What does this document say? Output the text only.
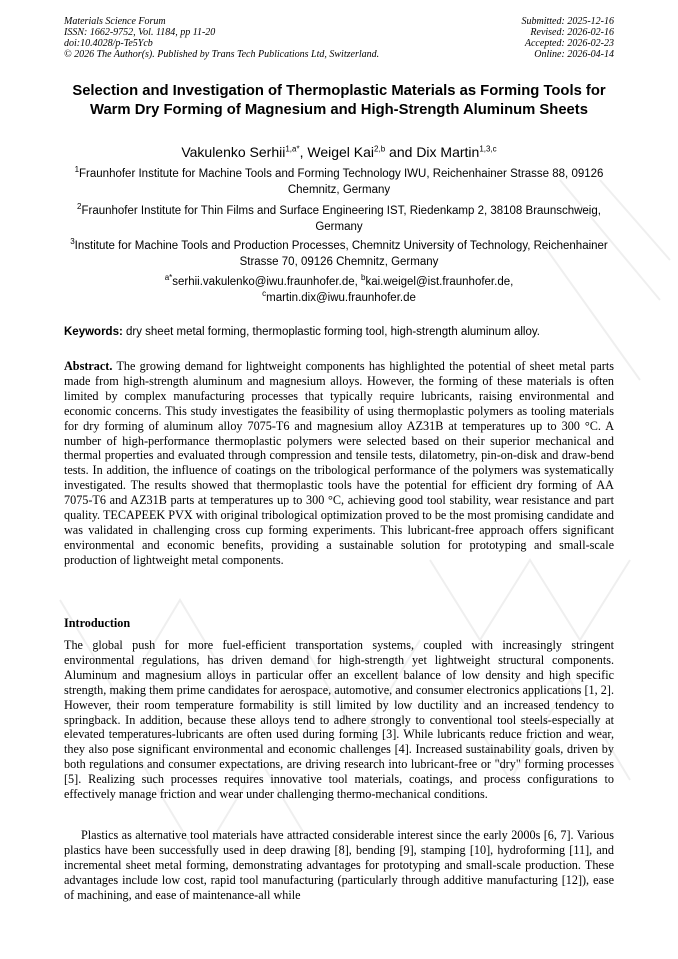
Materials Science Forum
ISSN: 1662-9752, Vol. 1184, pp 11-20
doi:10.4028/p-Te5Ycb
© 2026 The Author(s). Published by Trans Tech Publications Ltd, Switzerland.
Submitted: 2025-12-16
Revised: 2026-02-16
Accepted: 2026-02-23
Online: 2026-04-14
Selection and Investigation of Thermoplastic Materials as Forming Tools for Warm Dry Forming of Magnesium and High-Strength Aluminum Sheets
Vakulenko Serhii$^{1,a*}$, Weigel Kai$^{2,b}$ and Dix Martin$^{1,3,c}$
$^1$Fraunhofer Institute for Machine Tools and Forming Technology IWU, Reichenhainer Strasse 88, 09126 Chemnitz, Germany
$^2$Fraunhofer Institute for Thin Films and Surface Engineering IST, Riedenkamp 2, 38108 Braunschweig, Germany
$^3$Institute for Machine Tools and Production Processes, Chemnitz University of Technology, Reichenhainer Strasse 70, 09126 Chemnitz, Germany
$^{a*}$serhii.vakulenko@iwu.fraunhofer.de, $^b$kai.weigel@ist.fraunhofer.de,
$^c$martin.dix@iwu.fraunhofer.de
Keywords: dry sheet metal forming, thermoplastic forming tool, high-strength aluminum alloy.
Abstract. The growing demand for lightweight components has highlighted the potential of sheet metal parts made from high-strength aluminum and magnesium alloys. However, the forming of these materials is often limited by complex manufacturing processes that typically require lubricants, raising environmental and economic concerns. This study investigates the feasibility of using thermoplastic polymers as tooling materials for dry forming of aluminum alloy 7075-T6 and magnesium alloy AZ31B at temperatures up to 300 °C. A number of high-performance thermoplastic polymers were selected based on their superior mechanical and thermal properties and evaluated through compression and tensile tests, dilatometry, pin-on-disk and draw-bend tests. In addition, the influence of coatings on the tribological performance of the polymers was systematically investigated. The results showed that thermoplastic tools have the potential for efficient dry forming of AA 7075-T6 and AZ31B parts at temperatures up to 300 °C, achieving good tool stability, wear resistance and part quality. TECAPEEK PVX with original tribological optimization proved to be the most promising candidate and was validated in challenging cross cup forming experiments. This lubricant-free approach offers significant environmental and economic benefits, providing a sustainable solution for prototyping and small-scale production of lightweight metal components.
Introduction
The global push for more fuel-efficient transportation systems, coupled with increasingly stringent environmental regulations, has driven demand for high-strength yet lightweight structural components. Aluminum and magnesium alloys in particular offer an excellent balance of low density and high specific strength, making them prime candidates for aerospace, automotive, and consumer electronics applications [1, 2]. However, their room temperature formability is still limited by low ductility and an increased tendency to springback. In addition, because these alloys tend to adhere strongly to conventional tool steels-especially at elevated temperatures-lubricants are often used during forming [3]. While lubricants reduce friction and wear, they also pose significant environmental and economic challenges [4]. Increased sustainability goals, driven by both regulations and consumer expectations, are driving research into lubricant-free or "dry" forming processes [5]. Realizing such processes requires innovative tool materials, coatings, and process configurations to effectively manage friction and wear under challenging thermo-mechanical conditions.
Plastics as alternative tool materials have attracted considerable interest since the early 2000s [6, 7]. Various plastics have been successfully used in deep drawing [8], bending [9], stamping [10], hydroforming [11], and incremental sheet metal forming, demonstrating advantages for prototyping and small-scale production. These advantages include low cost, rapid tool manufacturing (particularly through additive manufacturing [12]), ease of machining, and ease of maintenance-all while
